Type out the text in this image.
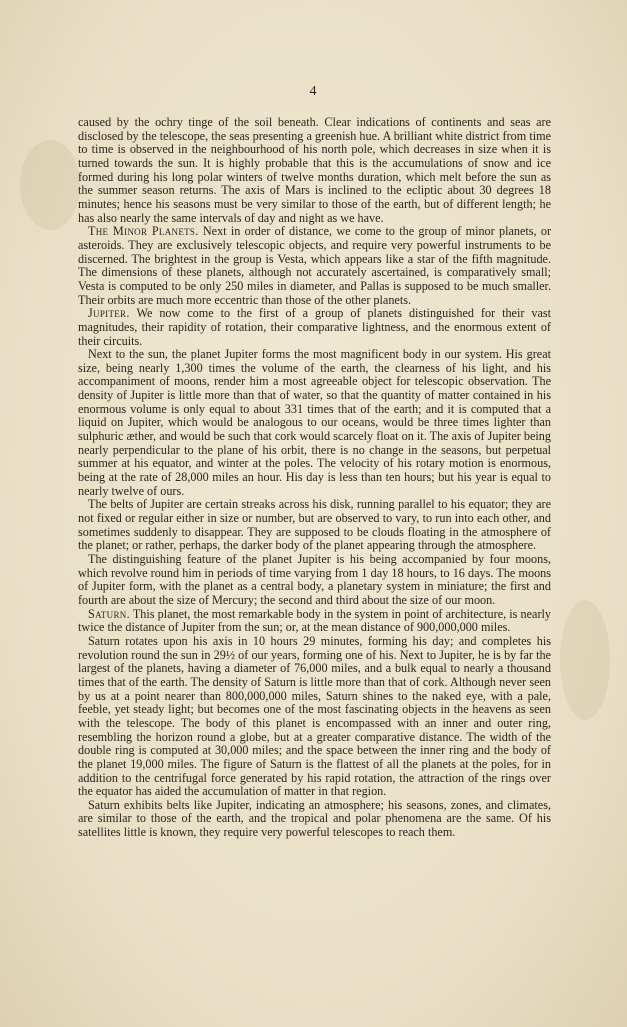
4

caused by the ochry tinge of the soil beneath. Clear indications of continents and seas are disclosed by the telescope, the seas presenting a greenish hue. A brilliant white district from time to time is observed in the neighbourhood of his north pole, which decreases in size when it is turned towards the sun. It is highly probable that this is the accumulations of snow and ice formed during his long polar winters of twelve months duration, which melt before the sun as the summer season returns. The axis of Mars is inclined to the ecliptic about 30 degrees 18 minutes; hence his seasons must be very similar to those of the earth, but of different length; he has also nearly the same intervals of day and night as we have.

The Minor Planets. Next in order of distance, we come to the group of minor planets, or asteroids. They are exclusively telescopic objects, and require very powerful instruments to be discerned. The brightest in the group is Vesta, which appears like a star of the fifth magnitude. The dimensions of these planets, although not accurately ascertained, is comparatively small; Vesta is computed to be only 250 miles in diameter, and Pallas is supposed to be much smaller. Their orbits are much more eccentric than those of the other planets.

Jupiter. We now come to the first of a group of planets distinguished for their vast magnitudes, their rapidity of rotation, their comparative lightness, and the enormous extent of their circuits.

Next to the sun, the planet Jupiter forms the most magnificent body in our system. His great size, being nearly 1,300 times the volume of the earth, the clearness of his light, and his accompaniment of moons, render him a most agreeable object for telescopic observation. The density of Jupiter is little more than that of water, so that the quantity of matter contained in his enormous volume is only equal to about 331 times that of the earth; and it is computed that a liquid on Jupiter, which would be analogous to our oceans, would be three times lighter than sulphuric æther, and would be such that cork would scarcely float on it. The axis of Jupiter being nearly perpendicular to the plane of his orbit, there is no change in the seasons, but perpetual summer at his equator, and winter at the poles. The velocity of his rotary motion is enormous, being at the rate of 28,000 miles an hour. His day is less than ten hours; but his year is equal to nearly twelve of ours.

The belts of Jupiter are certain streaks across his disk, running parallel to his equator; they are not fixed or regular either in size or number, but are observed to vary, to run into each other, and sometimes suddenly to disappear. They are supposed to be clouds floating in the atmosphere of the planet; or rather, perhaps, the darker body of the planet appearing through the atmosphere.

The distinguishing feature of the planet Jupiter is his being accompanied by four moons, which revolve round him in periods of time varying from 1 day 18 hours, to 16 days. The moons of Jupiter form, with the planet as a central body, a planetary system in miniature; the first and fourth are about the size of Mercury; the second and third about the size of our moon.

Saturn. This planet, the most remarkable body in the system in point of architecture, is nearly twice the distance of Jupiter from the sun; or, at the mean distance of 900,000,000 miles.

Saturn rotates upon his axis in 10 hours 29 minutes, forming his day; and completes his revolution round the sun in 29½ of our years, forming one of his. Next to Jupiter, he is by far the largest of the planets, having a diameter of 76,000 miles, and a bulk equal to nearly a thousand times that of the earth. The density of Saturn is little more than that of cork. Although never seen by us at a point nearer than 800,000,000 miles, Saturn shines to the naked eye, with a pale, feeble, yet steady light; but becomes one of the most fascinating objects in the heavens as seen with the telescope. The body of this planet is encompassed with an inner and outer ring, resembling the horizon round a globe, but at a greater comparative distance. The width of the double ring is computed at 30,000 miles; and the space between the inner ring and the body of the planet 19,000 miles. The figure of Saturn is the flattest of all the planets at the poles, for in addition to the centrifugal force generated by his rapid rotation, the attraction of the rings over the equator has aided the accumulation of matter in that region.

Saturn exhibits belts like Jupiter, indicating an atmosphere; his seasons, zones, and climates, are similar to those of the earth, and the tropical and polar phenomena are the same. Of his satellites little is known, they require very powerful telescopes to reach them.
